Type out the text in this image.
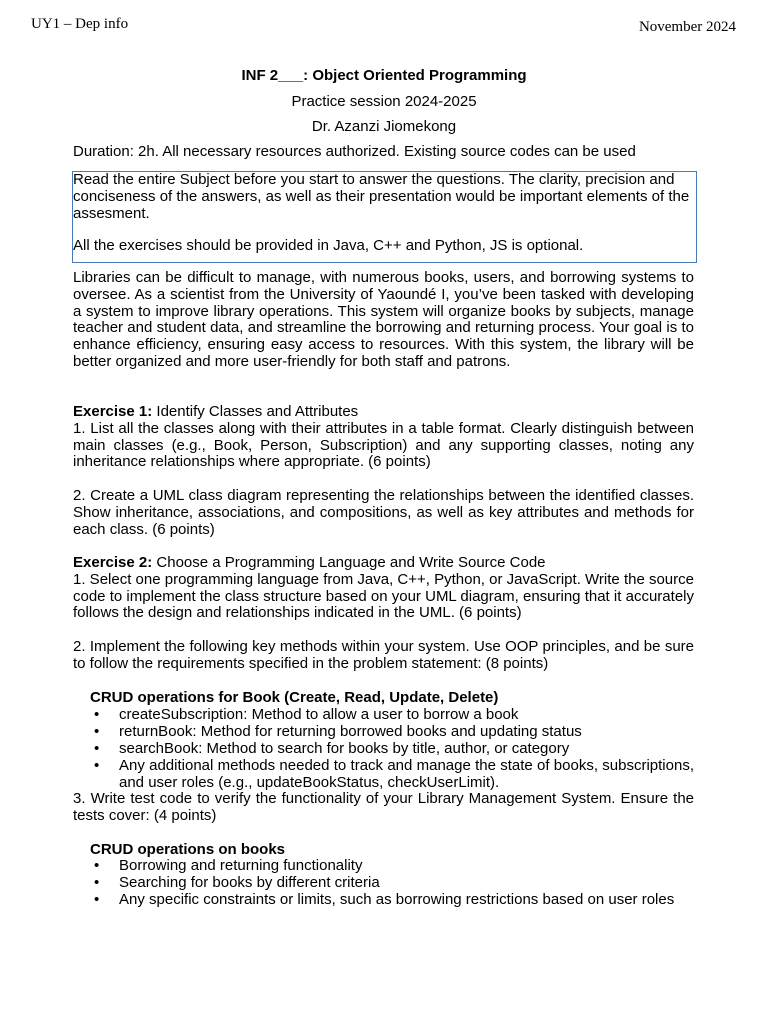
UY1 – Dep info	November 2024
INF 2___: Object Oriented Programming
Practice session 2024-2025
Dr. Azanzi Jiomekong
Duration: 2h. All necessary resources authorized. Existing source codes can be used

Read the entire Subject before you start to answer the questions. The clarity, precision and conciseness of the answers, as well as their presentation would be important elements of the assesment.

All the exercises should be provided in Java, C++ and Python, JS is optional.

Libraries can be difficult to manage, with numerous books, users, and borrowing systems to oversee. As a scientist from the University of Yaoundé I, you’ve been tasked with developing a system to improve library operations. This system will organize books by subjects, manage teacher and student data, and streamline the borrowing and returning process. Your goal is to enhance efficiency, ensuring easy access to resources. With this system, the library will be better organized and more user-friendly for both staff and patrons.

Exercise 1: Identify Classes and Attributes

1. List all the classes along with their attributes in a table format. Clearly distinguish between main classes (e.g., Book, Person, Subscription) and any supporting classes, noting any inheritance relationships where appropriate. (6 points)

2. Create a UML class diagram representing the relationships between the identified classes. Show inheritance, associations, and compositions, as well as key attributes and methods for each class. (6 points)

Exercise 2: Choose a Programming Language and Write Source Code

1. Select one programming language from Java, C++, Python, or JavaScript. Write the source code to implement the class structure based on your UML diagram, ensuring that it accurately follows the design and relationships indicated in the UML. (6 points)

2. Implement the following key methods within your system. Use OOP principles, and be sure to follow the requirements specified in the problem statement: (8 points)

CRUD operations for Book (Create, Read, Update, Delete)
• createSubscription: Method to allow a user to borrow a book
• returnBook: Method for returning borrowed books and updating status
• searchBook: Method to search for books by title, author, or category
• Any additional methods needed to track and manage the state of books, subscriptions, and user roles (e.g., updateBookStatus, checkUserLimit).

3. Write test code to verify the functionality of your Library Management System. Ensure the tests cover: (4 points)

CRUD operations on books
• Borrowing and returning functionality
• Searching for books by different criteria
• Any specific constraints or limits, such as borrowing restrictions based on user roles
